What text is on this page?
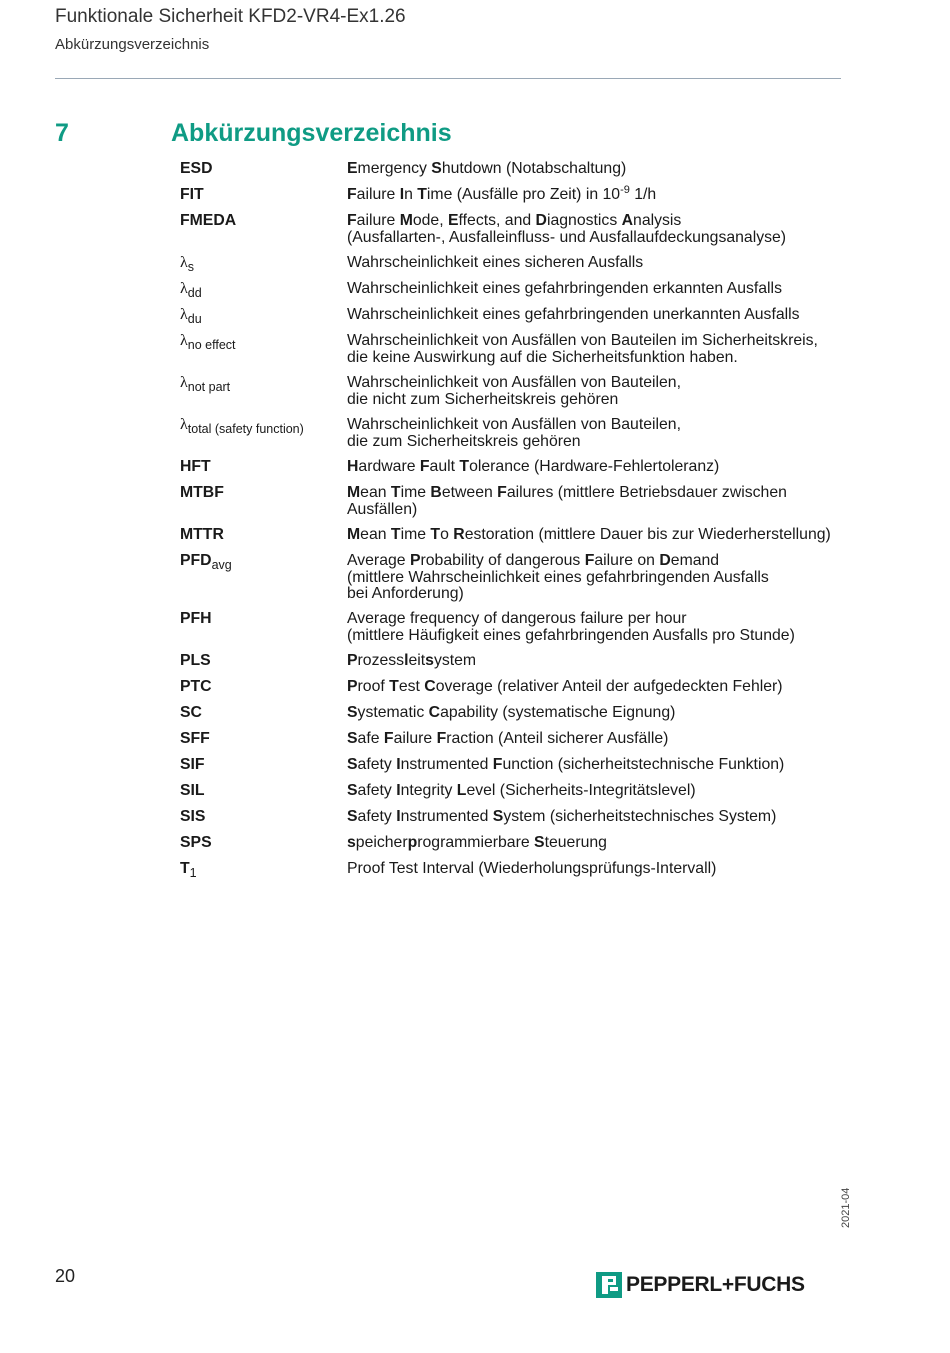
Funktionale Sicherheit KFD2-VR4-Ex1.26
Abkürzungsverzeichnis
7	Abkürzungsverzeichnis
ESD	Emergency Shutdown (Notabschaltung)
FIT	Failure In Time (Ausfälle pro Zeit) in $10^{-9}$ 1/h
FMEDA	Failure Mode, Effects, and Diagnostics Analysis
(Ausfallarten-, Ausfalleinfluss- und Ausfallaufdeckungsanalyse)
$\lambda_s$	Wahrscheinlichkeit eines sicheren Ausfalls
$\lambda_{dd}$	Wahrscheinlichkeit eines gefahrbringenden erkannten Ausfalls
$\lambda_{du}$	Wahrscheinlichkeit eines gefahrbringenden unerkannten Ausfalls
$\lambda_{no effect}$	Wahrscheinlichkeit von Ausfällen von Bauteilen im Sicherheitskreis,
die keine Auswirkung auf die Sicherheitsfunktion haben.
$\lambda_{not part}$	Wahrscheinlichkeit von Ausfällen von Bauteilen,
die nicht zum Sicherheitskreis gehören
$\lambda_{total (safety function)}$	Wahrscheinlichkeit von Ausfällen von Bauteilen,
die zum Sicherheitskreis gehören
HFT	Hardware Fault Tolerance (Hardware-Fehlertoleranz)
MTBF	Mean Time Between Failures (mittlere Betriebsdauer zwischen
Ausfällen)
MTTR	Mean Time To Restoration (mittlere Dauer bis zur Wiederherstellung)
$PFD_{avg}$	Average Probability of dangerous Failure on Demand
(mittlere Wahrscheinlichkeit eines gefahrbringenden Ausfalls
bei Anforderung)
PFH	Average frequency of dangerous failure per hour
(mittlere Häufigkeit eines gefahrbringenden Ausfalls pro Stunde)
PLS	Prozessleitsystem
PTC	Proof Test Coverage (relativer Anteil der aufgedeckten Fehler)
SC	Systematic Capability (systematische Eignung)
SFF	Safe Failure Fraction (Anteil sicherer Ausfälle)
SIF	Safety Instrumented Function (sicherheitstechnische Funktion)
SIL	Safety Integrity Level (Sicherheits-Integritätslevel)
SIS	Safety Instrumented System (sicherheitstechnisches System)
SPS	speicherprogrammierbare Steuerung
$T_1$	Proof Test Interval (Wiederholungsprüfungs-Intervall)
20
2021-04
PEPPERL+FUCHS
